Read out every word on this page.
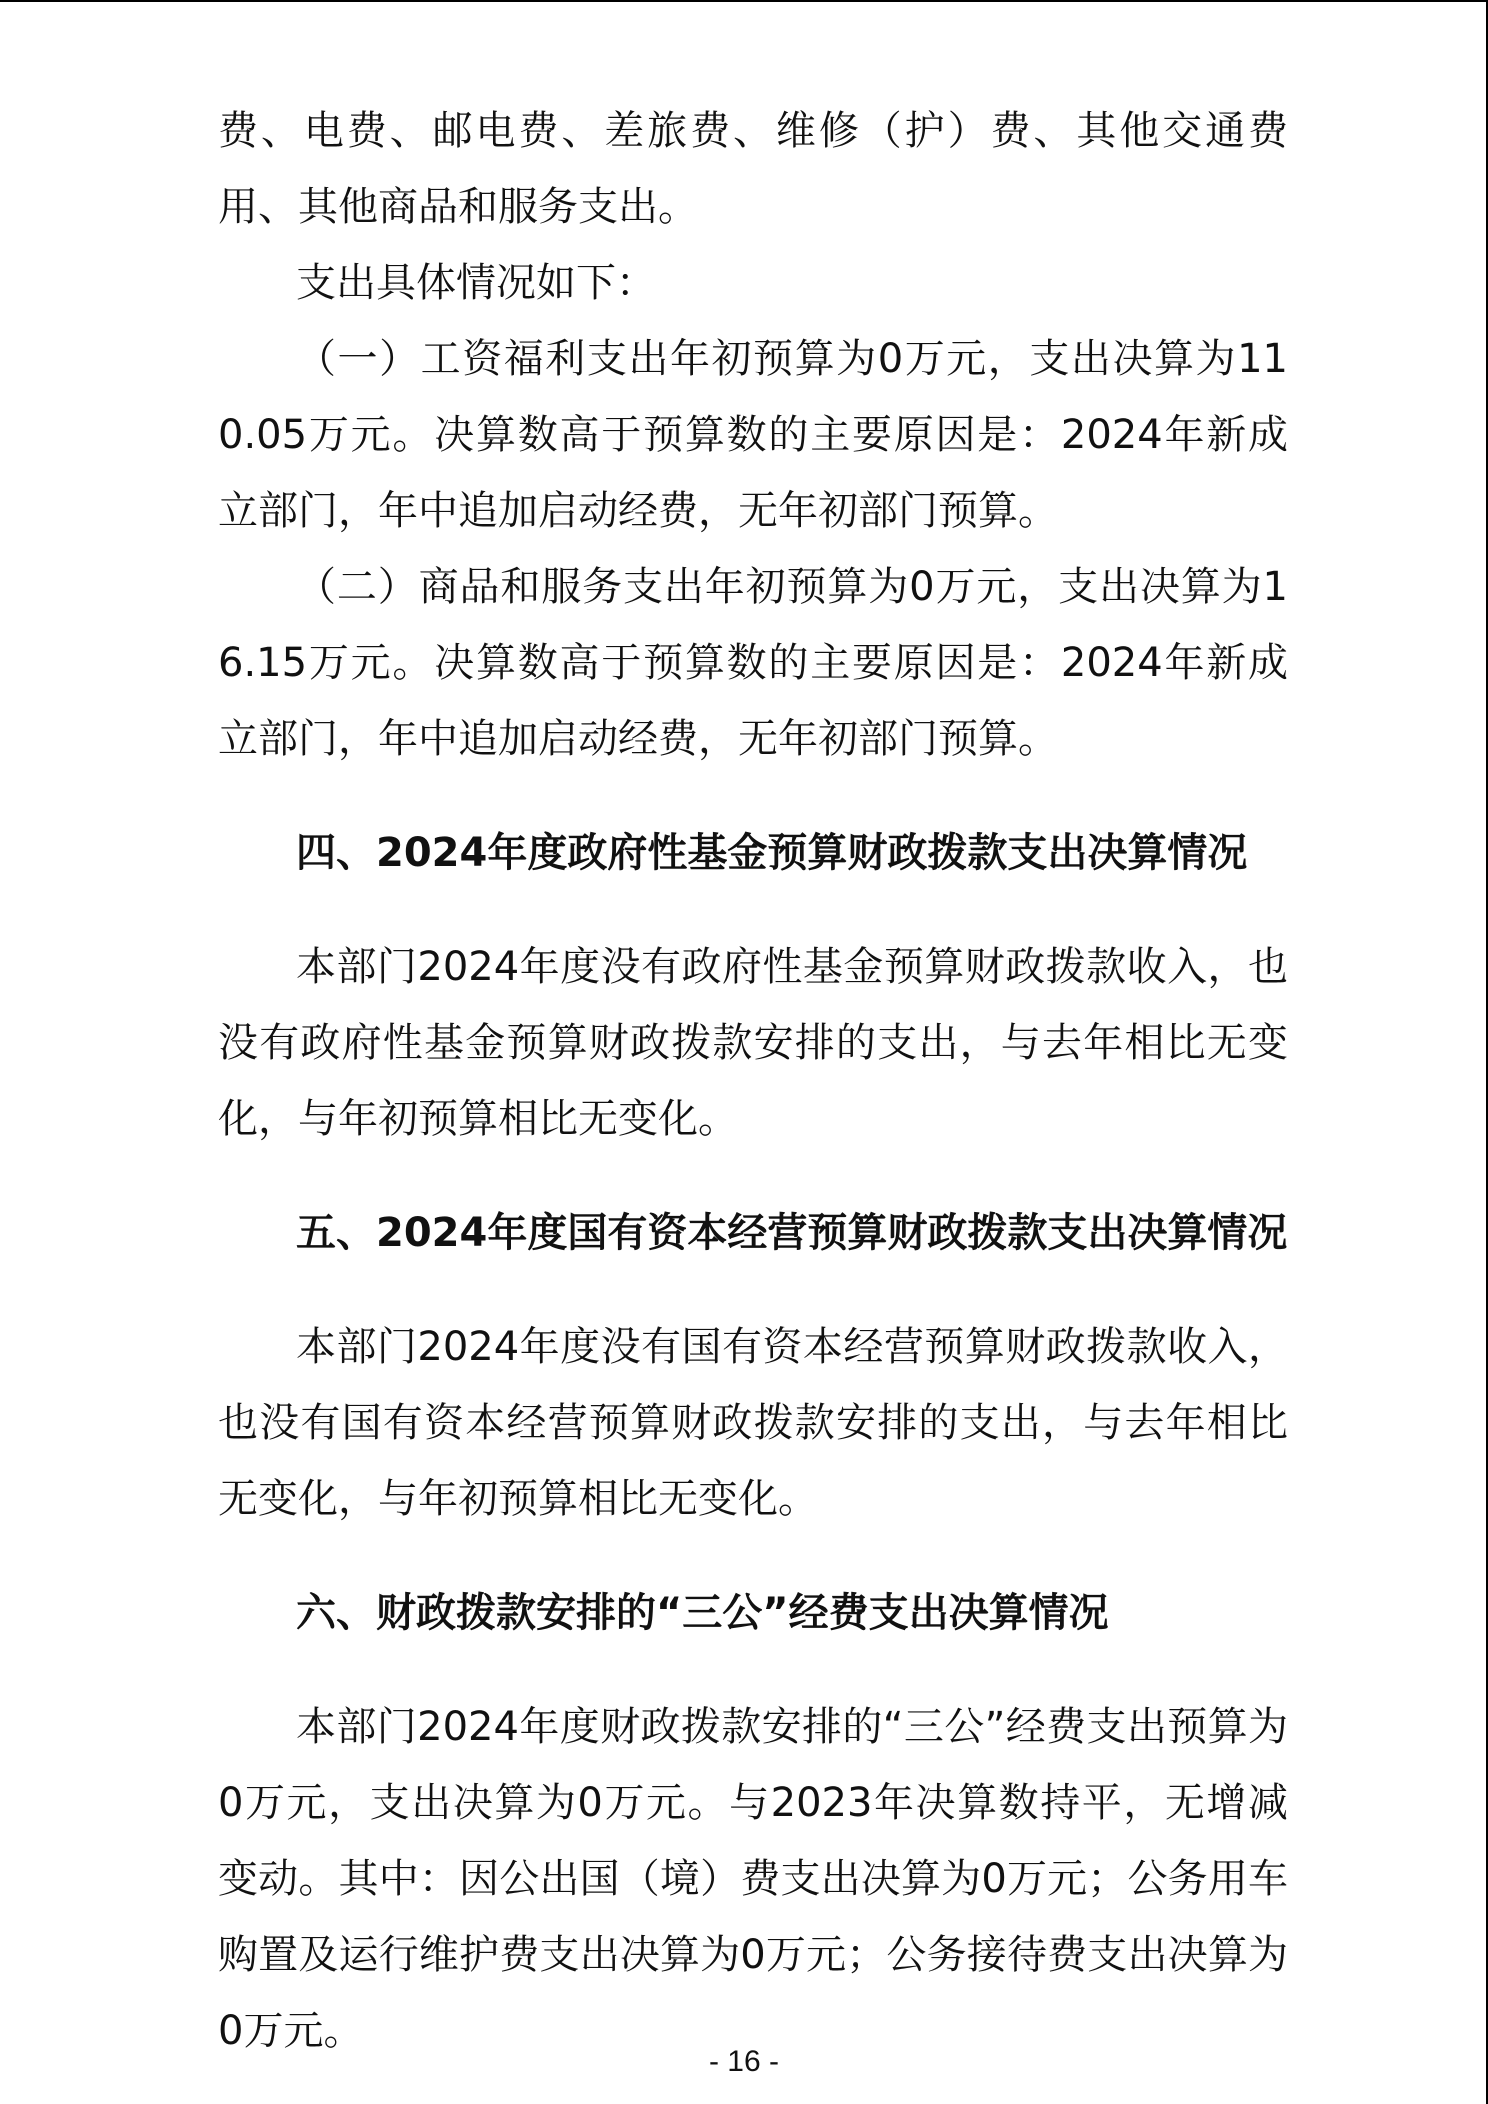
费、电费、邮电费、差旅费、维修（护）费、其他交通费用、其他商品和服务支出。

支出具体情况如下：

（一）工资福利支出年初预算为0万元，支出决算为110.05万元。决算数高于预算数的主要原因是：2024年新成立部门，年中追加启动经费，无年初部门预算。

（二）商品和服务支出年初预算为0万元，支出决算为16.15万元。决算数高于预算数的主要原因是：2024年新成立部门，年中追加启动经费，无年初部门预算。

四、2024年度政府性基金预算财政拨款支出决算情况

本部门2024年度没有政府性基金预算财政拨款收入，也没有政府性基金预算财政拨款安排的支出，与去年相比无变化，与年初预算相比无变化。

五、2024年度国有资本经营预算财政拨款支出决算情况

本部门2024年度没有国有资本经营预算财政拨款收入，也没有国有资本经营预算财政拨款安排的支出，与去年相比无变化，与年初预算相比无变化。

六、财政拨款安排的“三公”经费支出决算情况

本部门2024年度财政拨款安排的“三公”经费支出预算为0万元，支出决算为0万元。与2023年决算数持平，无增减变动。其中：因公出国（境）费支出决算为0万元；公务用车购置及运行维护费支出决算为0万元；公务接待费支出决算为0万元。

- 16 -
